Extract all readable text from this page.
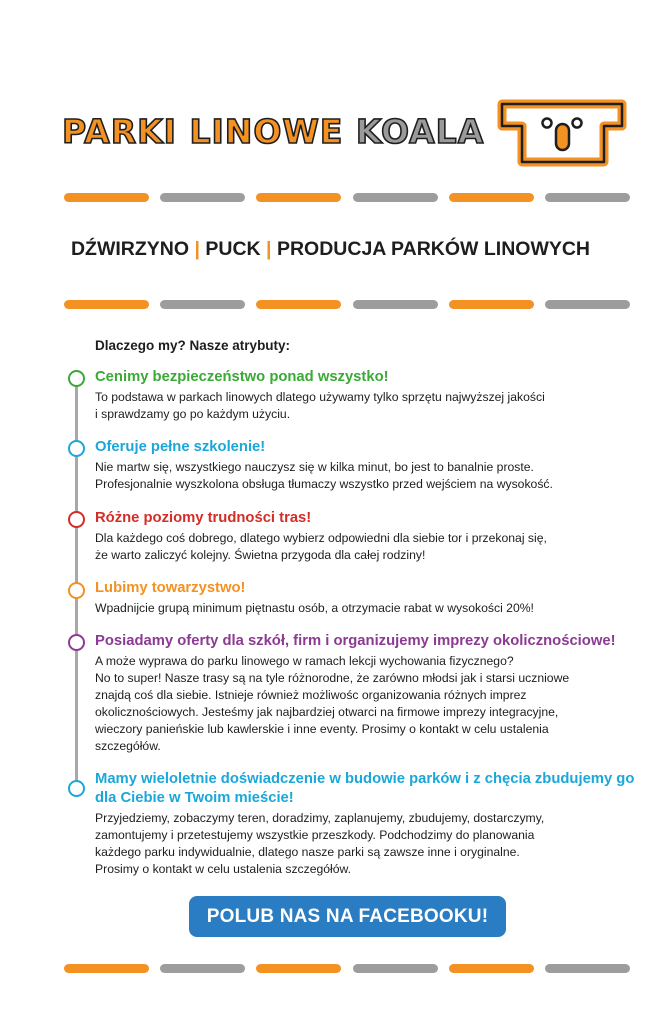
PARKI LINOWE KOALA
DŹWIRZYNO | PUCK | PRODUCJA PARKÓW LINOWYCH
Dlaczego my? Nasze atrybuty:
Cenimy bezpieczeństwo ponad wszystko!

To podstawa w parkach linowych dlatego używamy tylko sprzętu najwyższej jakości
i sprawdzamy go po każdym użyciu.

Oferuje pełne szkolenie!

Nie martw się, wszystkiego nauczysz się w kilka minut, bo jest to banalnie proste.
Profesjonalnie wyszkolona obsługa tłumaczy wszystko przed wejściem na wysokość.

Różne poziomy trudności tras!

Dla każdego coś dobrego, dlatego wybierz odpowiedni dla siebie tor i przekonaj się,
że warto zaliczyć kolejny. Świetna przygoda dla całej rodziny!

Lubimy towarzystwo!

Wpadnijcie grupą minimum piętnastu osób, a otrzymacie rabat w wysokości 20%!

Posiadamy oferty dla szkół, firm i organizujemy imprezy okolicznościowe!

A może wyprawa do parku linowego w ramach lekcji wychowania fizycznego?
No to super! Nasze trasy są na tyle różnorodne, że zarówno młodsi jak i starsi uczniowe
znajdą coś dla siebie. Istnieje również możliwośc organizowania różnych imprez
okolicznościowych. Jesteśmy jak najbardziej otwarci na firmowe imprezy integracyjne,
wieczory panieńskie lub kawlerskie i inne eventy. Prosimy o kontakt w celu ustalenia
szczegółów.

Mamy wieloletnie doświadczenie w budowie parków i z chęcia zbudujemy go dla Ciebie w Twoim mieście!

Przyjedziemy, zobaczymy teren, doradzimy, zaplanujemy, zbudujemy, dostarczymy,
zamontujemy i przetestujemy wszystkie przeszkody. Podchodzimy do planowania
każdego parku indywidualnie, dlatego nasze parki są zawsze inne i oryginalne.
Prosimy o kontakt w celu ustalenia szczegółów.

POLUB NAS NA FACEBOOKU!
